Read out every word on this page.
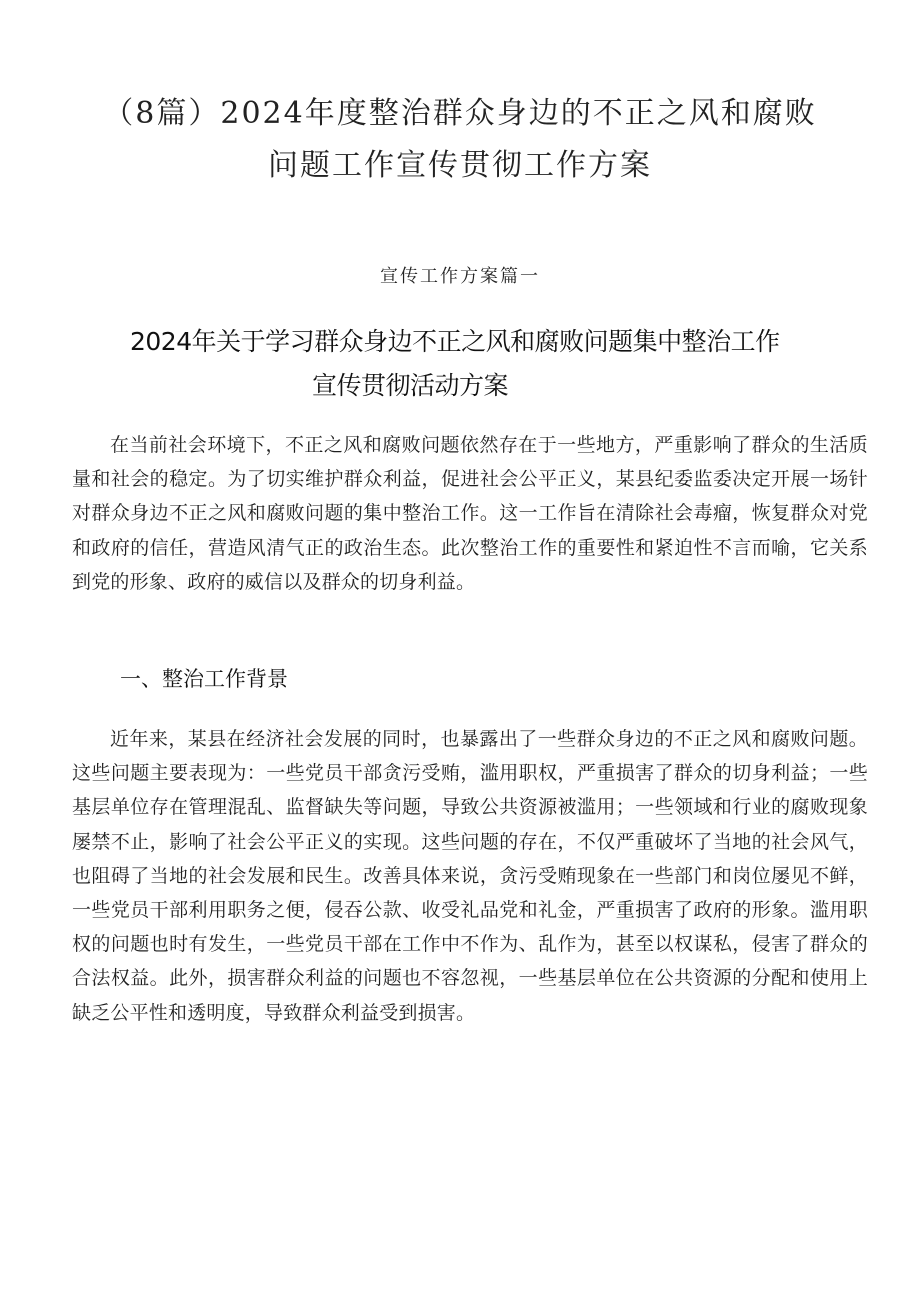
（8篇）2024年度整治群众身边的不正之风和腐败
问题工作宣传贯彻工作方案
宣传工作方案篇一
2024年关于学习群众身边不正之风和腐败问题集中整治工作
宣传贯彻活动方案

在当前社会环境下，不正之风和腐败问题依然存在于一些地方，严重影响了群众的生活质量和社会的稳定。为了切实维护群众利益，促进社会公平正义，某县纪委监委决定开展一场针对群众身边不正之风和腐败问题的集中整治工作。这一工作旨在清除社会毒瘤，恢复群众对党和政府的信任，营造风清气正的政治生态。此次整治工作的重要性和紧迫性不言而喻，它关系到党的形象、政府的威信以及群众的切身利益。

一、整治工作背景

近年来，某县在经济社会发展的同时，也暴露出了一些群众身边的不正之风和腐败问题。这些问题主要表现为：一些党员干部贪污受贿，滥用职权，严重损害了群众的切身利益；一些基层单位存在管理混乱、监督缺失等问题，导致公共资源被滥用；一些领域和行业的腐败现象屡禁不止，影响了社会公平正义的实现。这些问题的存在，不仅严重破坏了当地的社会风气，也阻碍了当地的社会发展和民生。改善具体来说，贪污受贿现象在一些部门和岗位屡见不鲜，一些党员干部利用职务之便，侵吞公款、收受礼品党和礼金，严重损害了政府的形象。滥用职权的问题也时有发生，一些党员干部在工作中不作为、乱作为，甚至以权谋私，侵害了群众的合法权益。此外，损害群众利益的问题也不容忽视，一些基层单位在公共资源的分配和使用上缺乏公平性和透明度，导致群众利益受到损害。
